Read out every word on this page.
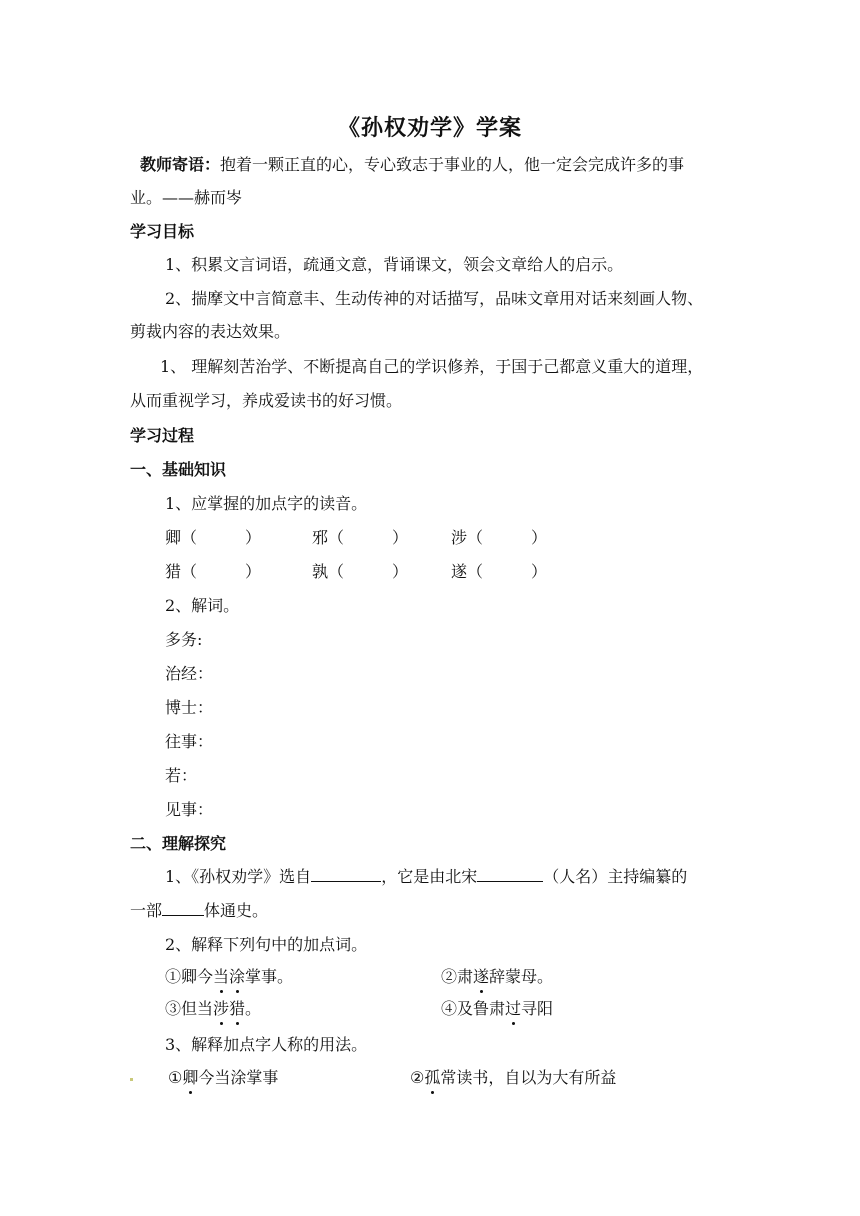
《孙权劝学》学案
教师寄语：抱着一颗正直的心，专心致志于事业的人，他一定会完成许多的事
业。——赫而岑
学习目标
1、积累文言词语，疏通文意，背诵课文，领会文章给人的启示。
2、揣摩文中言简意丰、生动传神的对话描写，品味文章用对话来刻画人物、
剪裁内容的表达效果。
1、 理解刻苦治学、不断提高自己的学识修养，于国于己都意义重大的道理，
从而重视学习，养成爱读书的好习惯。
学习过程
一、基础知识
1、应掌握的加点字的读音。
卿（　　　）	邪（　　　）	涉（　　　）
猎（　　　）	孰（　　　）	遂（　　　）
2、解词。
多务:
治经：
博士：
往事：
若：
见事：
二、理解探究
1、《孙权劝学》选自	，它是由北宋	（人名）主持编纂的
一部	体通史。
2、解释下列句中的加点词。
①卿今当涂掌事。	②肃遂辞蒙母。
③但当涉猎。	④及鲁肃过寻阳
3、解释加点字人称的用法。
①卿今当涂掌事	②孤常读书，自以为大有所益
